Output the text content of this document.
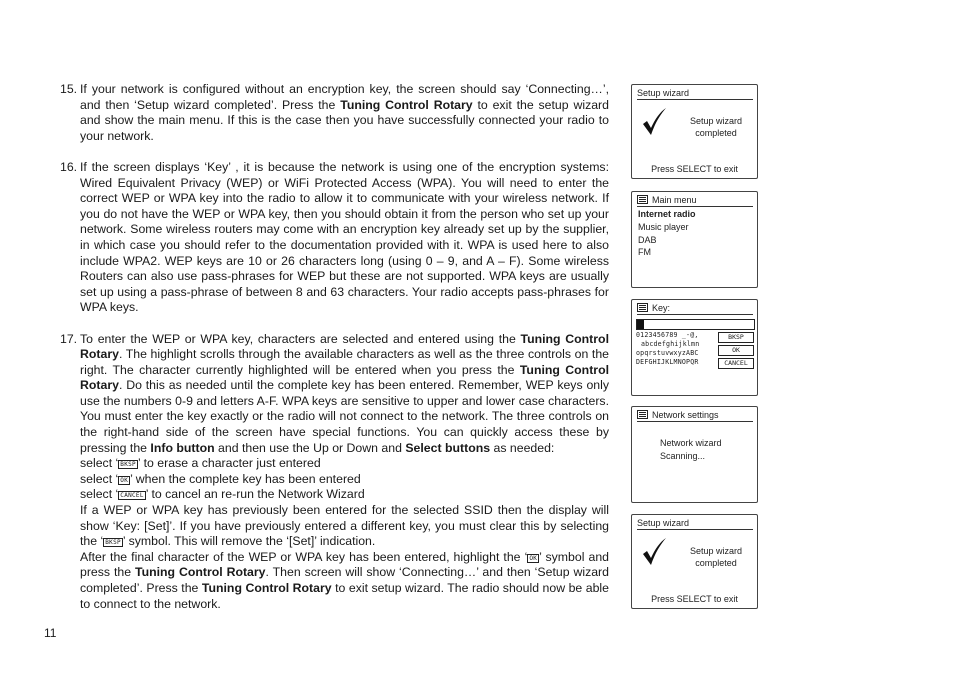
15. If your network is configured without an encryption key, the screen should say ‘Connecting…’, and then ‘Setup wizard completed’. Press the Tuning Control Rotary to exit the setup wizard and show the main menu. If this is the case then you have successfully connected your radio to your network.

16. If the screen displays ‘Key’ , it is because the network is using one of the encryption systems: Wired Equivalent Privacy (WEP) or WiFi Protected Access (WPA). You will need to enter the correct WEP or WPA key into the radio to allow it to communicate with your wireless network. If you do not have the WEP or WPA key, then you should obtain it from the person who set up your network. Some wireless routers may come with an encryption key already set up by the supplier, in which case you should refer to the documentation provided with it. WPA is used here to also include WPA2. WEP keys are 10 or 26 characters long (using 0 – 9, and A – F). Some wireless Routers can also use pass-phrases for WEP but these are not supported. WPA keys are usually set up using a pass-phrase of between 8 and 63 characters. Your radio accepts pass-phrases for WPA keys.

17. To enter the WEP or WPA key, characters are selected and entered using the Tuning Control Rotary. The highlight scrolls through the available characters as well as the three controls on the right. The character currently highlighted will be entered when you press the Tuning Control Rotary. Do this as needed until the complete key has been entered. Remember, WEP keys only use the numbers 0-9 and letters A-F. WPA keys are sensitive to upper and lower case characters. You must enter the key exactly or the radio will not connect to the network. The three controls on the right-hand side of the screen have special functions. You can quickly access these by pressing the Info button and then use the Up or Down and Select buttons as needed:

select ‘ BKSP ’ to erase a character just entered
select ‘ OK ’ when the complete key has been entered
select ‘ CANCEL ’ to cancel an re-run the Network Wizard

If a WEP or WPA key has previously been entered for the selected SSID then the display will show ‘Key: [Set]’. If you have previously entered a different key, you must clear this by selecting the ‘ BKSP ’ symbol. This will remove the ‘[Set]’ indication.

After the final character of the WEP or WPA key has been entered, highlight the ‘ OK ’ symbol and press the Tuning Control Rotary. Then screen will show ‘Connecting…’ and then ‘Setup wizard completed’. Press the Tuning Control Rotary to exit setup wizard. The radio should now be able to connect to the network.

11
Setup wizard
Setup wizard
completed
Press SELECT to exit
Main menu
Internet radio
Music player
DAB
FM
Key:
0123456789 _-@,
abcdefghijklmn
opqrstuvwxyzABC
DEFGHIJKLMNOPQR
BKSP
OK
CANCEL
Network settings
Network wizard
Scanning...
Setup wizard
Setup wizard
completed
Press SELECT to exit
